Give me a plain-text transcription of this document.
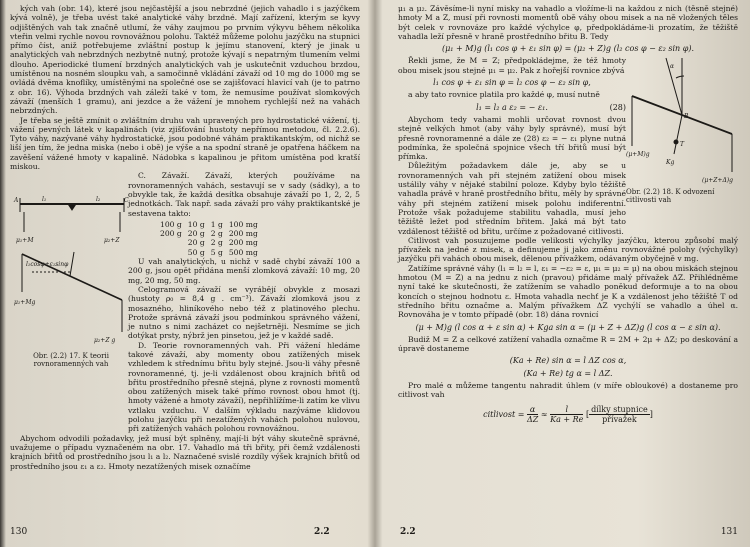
kých vah (obr. 14), které jsou nejčastější a jsou nebrzdné (jejich vahadlo i s jazýčkem kývá volně), je třeba uvést také analytické váhy brzdné. Mají zařízení, kterým se kyvy odjištěných vah tak značně utlumí, že váhy zaujmou po prvním výkyvu během několika vteřin velmi rychle novou rovnovážnou polohu. Taktéž můžeme polohu jazýčku na stupnici přímo číst, aniž potřebujeme zvláštní postup k jejímu stanovení, který je jinak u analytických vah nebrzdných nezbytně nutný, protože kývají s nepatrným tlumením velmi dlouho. Aperiodické tlumení brzdných analytických vah je uskutečnit vzduchou brzdou, umístěnou na nosném sloupku vah, a samočinně vkládání závaží od 10 mg do 1000 mg se ovládá dvěma knoflíky, umístěnými na společné ose se zajišťovací hlavicí vah (je to patrno z obr. 16). Výhoda brzdných vah záleží také v tom, že nemusíme používat slomkových závaží (menších 1 gramu), ani jezdce a že vážení je mnohem rychlejší než na vahách nebrzdných.

Je třeba se ještě zmínit o zvláštním druhu vah upravených pro hydrostatické vážení, tj. vážení pevných látek v kapalinách (viz zjišťování hustoty nepřímou metodou, čl. 2.2.6). Tyto váhy, nazývané váhy hydrostatické, jsou podobné váhám praktikantským, od nichž se liší jen tím, že jedna miska (nebo i obě) je výše a na spodní straně je opatřena háčkem na zavěšení vážené hmoty v kapalině. Nádobka s kapalinou je přitom umístěna pod kratší miskou.

C. Závaží. Závaží, kterých používáme na rovnoramenných vahách, sestavují se v sady (sádky), a to obvykle tak, že každá desítka obsahuje závaží po 1, 2, 2, 5 jednotkách. Tak např. sada závaží pro váhy praktikantské je sestavena takto:

100 g	10 g	1 g	100 mg
200 g	20 g	2 g	200 mg
	20 g	2 g	200 mg
	50 g	5 g	500 mg

U vah analytických, u nichž v sadě chybí závaží 100 a 200 g, jsou opět přidána menší zlomková závaží: 10 mg, 20 mg, 20 mg, 50 mg.

Celogramová závaží se vyrábějí obvykle z mosazi (hustoty ρ₀ = 8,4 g . cm⁻³). Závaží zlomková jsou z mosazného, hliníkového nebo též z platinového plechu. Protože správná závaží jsou podmínkou správného vážení, je nutno s nimi zacházet co nejšetrněji. Nesmíme se jich dotýkat prsty, nýbrž jen pinsetou, jež je v každé sadě.

D. Teorie rovnoramenných vah. Při vážení hledáme takové závaží, aby momenty obou zatížených misek vzhledem k střednímu břitu byly stejné. Jsou-li váhy přesně rovnoramenné, tj. je-li vzdálenost obou krajních břitů od břitu prostředního přesně stejná, plyne z rovnosti momentů obou zatížených misek také přímo rovnost obou hmot (tj. hmoty vážené a hmoty závaží), nepřihlížíme-li zatím ke vlivu vztlaku vzduchu. V dalším výkladu nazýváme klidovou polohu jazýčku při nezatížených vahách polohou nulovou, při zatížených vahách polohou rovnovážnou.

Abychom odvodili požadavky, jež musí být splněny, mají-li být váhy skutečně správné, uvažujeme o případu vyznačeném na obr. 17. Vahadlo má tři břity, při čemž vzdálenosti krajních břitů od prostředního jsou l₁ a l₂. Naznačené svislé rozdíly výšek krajních břitů od prostředního jsou ε₁ a ε₂. Hmoty nezatížených misek označíme

A	C
l₁	l₂
μ₁+M	μ₂+Z
l₁cosφ+ε₁sinφ
μ₁+Mg
μ₂+Z g
Obr. (2.2) 17. K teorii rovnoramenných vah
130	2.2

μ₁ a μ₂. Závěsíme-li nyní misky na vahadlo a vložíme-li na každou z nich (těsně stejné) hmoty M a Z, musí při rovnosti momentů obě váhy obou misek a na ně vložených těles být celek v rovnováze pro každé výchylce φ, předpokládáme-li prozatím, že těžiště vahadla leží přesně v hraně prostředního břitu B. Tedy

(μ₁ + M)g (l₁ cos φ + ε₁ sin φ) = (μ₂ + Z)g (l₂ cos φ − ε₂ sin φ).

Řekli jsme, že M = Z; předpokládejme, že též hmoty obou misek jsou stejné μ₁ = μ₂. Pak z hořejší rovnice zbývá

l₁ cos φ + ε₁ sin φ = l₂ cos φ − ε₂ sin φ,

a aby tato rovnice platila pro každé φ, musí nutně

l₁ = l₂ a ε₂ = − ε₁.	(28)

Abychom tedy vahami mohli určovat rovnost dvou stejně velkých hmot (aby váhy byly správné), musí být přesně rovnoramenné a dále ze (28) ε₂ = − ε₁ plyne nutná podmínka, že společná spojnice všech tří břitů musí být přímka.

Důležitým požadavkem dále je, aby se u rovnoramenných vah při stejném zatížení obou misek ustálily váhy v nějaké stabilní poloze. Kdyby bylo těžiště vahadla právě v hraně prostředního břitu, měly by správné váhy při stejném zatížení misek polohu indiferentní. Protože však požadujeme stabilitu vahadla, musí jeho těžiště ležet pod středním břitem. Jaká má být tato vzdálenost těžiště od břitu, určíme z požadované citlivosti.

Citlivost vah posuzujeme podle velikosti výchylky jazýčku, kterou způsobí malý přívažek na jedné z misek, a definujeme ji jako změnu rovnovážné polohy (výchylky) jazýčku při vahách obou misek, dělenou přívažkem, odávaným obyčejně v mg.

Zatížíme správné váhy (l₁ = l₂ = l, ε₁ = −ε₂ = ε, μ₁ = μ₂ = μ) na obou miskách stejnou hmotou (M = Z) a na jednu z nich (pravou) přidáme malý přívažek ΔZ. Přihlédněme nyní také ke skutečnosti, že zatížením se vahadlo poněkud deformuje a to na obou koncích o stejnou hodnotu ε. Hmota vahadla nechť je K a vzdálenost jeho těžiště T od středního břitu označme a. Malým přívažkem ΔZ vychýlí se vahadlo a úhel α. Rovnováha je v tomto případě (obr. 18) dána rovnicí

(μ + M)g (l cos α + ε sin α) + Kga sin α = (μ + Z + ΔZ)g (l cos α − ε sin α).

Budiž M = Z a celkové zatížení vahadla označme R = 2M + 2μ + ΔZ; po deskování a úpravě dostaneme

(Ka + Re) sin α = l ΔZ cos α,
(Ka + Re) tg α = l ΔZ.

Pro malé α můžeme tangentu nahradit úhlem (v míře obloukové) a dostaneme pro citlivost vah

citlivost = $\frac{\alpha}{\Delta Z} \approx \frac{l}{Ka + Re}$ [ $\frac{\text{dílky stupnice}}{\text{přívažek}}$ ]
α
B
T
Kg
(μ+M)g
(μ+Z+Δ)g
Obr. (2.2) 18. K odvození citlivosti vah
2.2	131
